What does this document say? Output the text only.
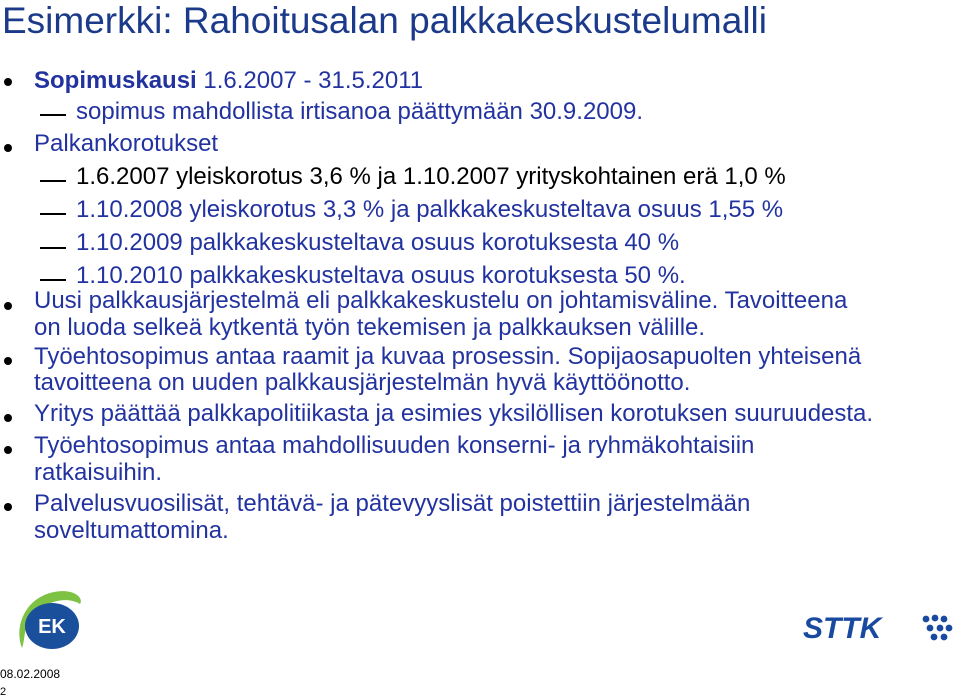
Esimerkki: Rahoitusalan palkkakeskustelumalli
Sopimuskausi 1.6.2007 - 31.5.2011
sopimus mahdollista irtisanoa päättymään 30.9.2009.
Palkankorotukset
1.6.2007 yleiskorotus 3,6 % ja 1.10.2007 yrityskohtainen erä 1,0 %
1.10.2008 yleiskorotus 3,3 % ja palkkakeskusteltava osuus 1,55 %
1.10.2009 palkkakeskusteltava osuus korotuksesta 40 %
1.10.2010 palkkakeskusteltava osuus korotuksesta 50 %.
Uusi palkkausjärjestelmä eli palkkakeskustelu on johtamisväline. Tavoitteena
on luoda selkeä kytkentä työn tekemisen ja palkkauksen välille.
Työehtosopimus antaa raamit ja kuvaa prosessin. Sopijaosapuolten yhteisenä
tavoitteena on uuden palkkausjärjestelmän hyvä käyttöönotto.
Yritys päättää palkkapolitiikasta ja esimies yksilöllisen korotuksen suuruudesta.
Työehtosopimus antaa mahdollisuuden konserni- ja ryhmäkohtaisiin
ratkaisuihin.
Palvelusvuosilisät, tehtävä- ja pätevyyslisät poistettiin järjestelmään
soveltumattomina.
EK	STTK
08.02.2008
2
